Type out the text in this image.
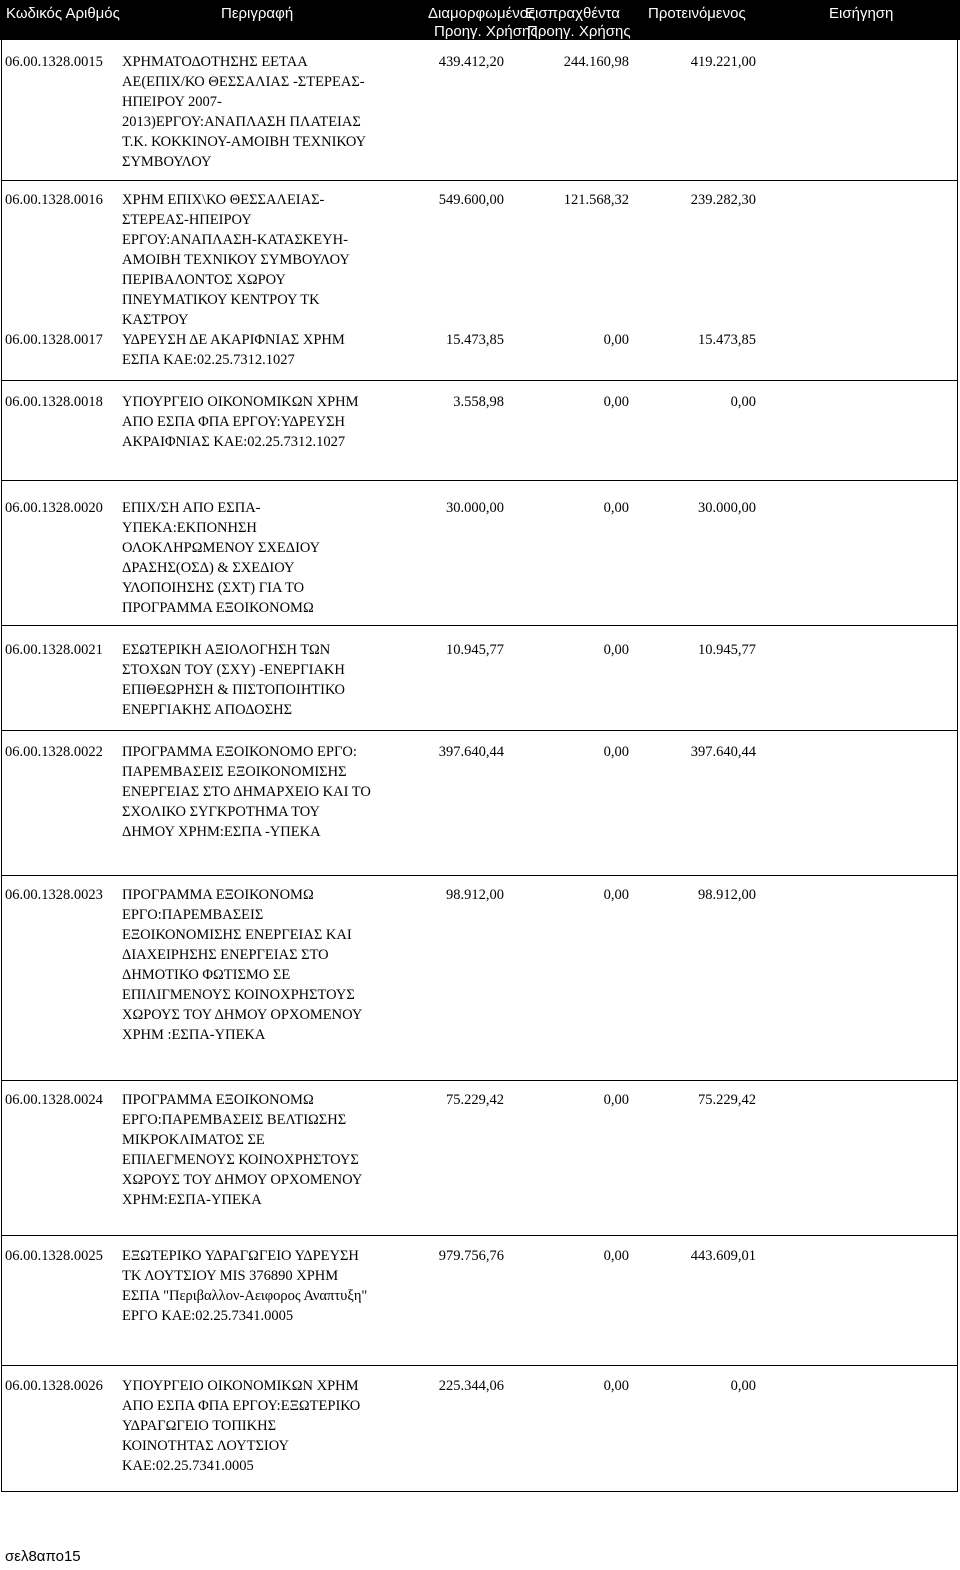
Κωδικός Αριθμός	Περιγραφή	Διαμορφωμένος
Προηγ. Χρήσης
Εισπραχθέντα
Προηγ. Χρήσης
Προτεινόμενος	Εισήγηση
06.00.1328.0015 ΧΡΗΜΑΤΟΔΟΤΗΣΗΣ ΕΕΤΑΑ
ΑΕ(ΕΠΙΧ/ΚΟ ΘΕΣΣΑΛΙΑΣ -ΣΤΕΡΕΑΣ-
ΗΠΕΙΡΟΥ 2007-
2013)ΕΡΓΟΥ:ΑΝΑΠΛΑΣΗ ΠΛΑΤΕΙΑΣ
Τ.Κ. ΚΟΚΚΙΝΟΥ-ΑΜΟΙΒΗ ΤΕΧΝΙΚΟΥ
ΣΥΜΒΟΥΛΟΥ
439.412,20	244.160,98	419.221,00
06.00.1328.0016 ΧΡΗΜ ΕΠΙΧ\ΚΟ ΘΕΣΣΑΛΕΙΑΣ-
ΣΤΕΡΕΑΣ-ΗΠΕΙΡΟΥ
ΕΡΓΟΥ:ΑΝΑΠΛΑΣΗ-ΚΑΤΑΣΚΕΥΗ-
ΑΜΟΙΒΗ ΤΕΧΝΙΚΟΥ ΣΥΜΒΟΥΛΟΥ
ΠΕΡΙΒΑΛΟΝΤΟΣ ΧΩΡΟΥ
ΠΝΕΥΜΑΤΙΚΟΥ ΚΕΝΤΡΟΥ ΤΚ
ΚΑΣΤΡΟΥ
549.600,00	121.568,32	239.282,30
06.00.1328.0017 ΥΔΡΕΥΣΗ ΔΕ ΑΚΑΡΙΦΝΙΑΣ ΧΡΗΜ
ΕΣΠΑ ΚΑΕ:02.25.7312.1027
15.473,85	0,00	15.473,85
06.00.1328.0018 ΥΠΟΥΡΓΕΙΟ ΟΙΚΟΝΟΜΙΚΩΝ ΧΡΗΜ
ΑΠΟ ΕΣΠΑ ΦΠΑ ΕΡΓΟΥ:ΥΔΡΕΥΣΗ
ΑΚΡΑΙΦΝΙΑΣ ΚΑΕ:02.25.7312.1027
3.558,98	0,00	0,00
06.00.1328.0020 ΕΠΙΧ/ΣΗ ΑΠΟ ΕΣΠΑ-
ΥΠΕΚΑ:ΕΚΠΟΝΗΣΗ
ΟΛΟΚΛΗΡΩΜΕΝΟΥ ΣΧΕΔΙΟΥ
ΔΡΑΣΗΣ(ΟΣΔ) & ΣΧΕΔΙΟΥ
ΥΛΟΠΟΙΗΣΗΣ (ΣΧΤ) ΓΙΑ ΤΟ
ΠΡΟΓΡΑΜΜΑ ΕΞΟΙΚΟΝΟΜΩ
30.000,00	0,00	30.000,00
06.00.1328.0021 ΕΣΩΤΕΡΙΚΗ ΑΞΙΟΛΟΓΗΣΗ ΤΩΝ
ΣΤΟΧΩΝ ΤΟΥ (ΣΧΥ) -ΕΝΕΡΓΙΑΚΗ
ΕΠΙΘΕΩΡΗΣΗ & ΠΙΣΤΟΠΟΙΗΤΙΚΟ
ΕΝΕΡΓΙΑΚΗΣ ΑΠΟΔΟΣΗΣ
10.945,77	0,00	10.945,77
06.00.1328.0022 ΠΡΟΓΡΑΜΜΑ ΕΞΟΙΚΟΝΟΜΟ ΕΡΓΟ:
ΠΑΡΕΜΒΑΣΕΙΣ ΕΞΟΙΚΟΝΟΜΙΣΗΣ
ΕΝΕΡΓΕΙΑΣ ΣΤΟ ΔΗΜΑΡΧΕΙΟ ΚΑΙ ΤΟ
ΣΧΟΛΙΚΟ ΣΥΓΚΡΟΤΗΜΑ ΤΟΥ
ΔΗΜΟΥ ΧΡΗΜ:ΕΣΠΑ -ΥΠΕΚΑ
397.640,44	0,00	397.640,44
06.00.1328.0023 ΠΡΟΓΡΑΜΜΑ ΕΞΟΙΚΟΝΟΜΩ
ΕΡΓΟ:ΠΑΡΕΜΒΑΣΕΙΣ
ΕΞΟΙΚΟΝΟΜΙΣΗΣ ΕΝΕΡΓΕΙΑΣ ΚΑΙ
ΔΙΑΧΕΙΡΗΣΗΣ ΕΝΕΡΓΕΙΑΣ ΣΤΟ
ΔΗΜΟΤΙΚΟ ΦΩΤΙΣΜΟ ΣΕ
ΕΠΙΛΙΓΜΕΝΟΥΣ ΚΟΙΝΟΧΡΗΣΤΟΥΣ
ΧΩΡΟΥΣ ΤΟΥ ΔΗΜΟΥ ΟΡΧΟΜΕΝΟΥ
ΧΡΗΜ :ΕΣΠΑ-ΥΠΕΚΑ
98.912,00	0,00	98.912,00
06.00.1328.0024 ΠΡΟΓΡΑΜΜΑ ΕΞΟΙΚΟΝΟΜΩ
ΕΡΓΟ:ΠΑΡΕΜΒΑΣΕΙΣ ΒΕΛΤΙΩΣΗΣ
ΜΙΚΡΟΚΛΙΜΑΤΟΣ ΣΕ
ΕΠΙΛΕΓΜΕΝΟΥΣ ΚΟΙΝΟΧΡΗΣΤΟΥΣ
ΧΩΡΟΥΣ ΤΟΥ ΔΗΜΟΥ ΟΡΧΟΜΕΝΟΥ
ΧΡΗΜ:ΕΣΠΑ-ΥΠΕΚΑ
75.229,42	0,00	75.229,42
06.00.1328.0025 ΕΞΩΤΕΡΙΚΟ ΥΔΡΑΓΩΓΕΙΟ ΥΔΡΕΥΣΗ
ΤΚ ΛΟΥΤΣΙΟΥ MIS 376890 ΧΡΗΜ
ΕΣΠΑ "Περιβαλλον-Αειφορος Αναπτυξη"
ΕΡΓΟ ΚΑΕ:02.25.7341.0005
979.756,76	0,00	443.609,01
06.00.1328.0026 ΥΠΟΥΡΓΕΙΟ ΟΙΚΟΝΟΜΙΚΩΝ ΧΡΗΜ
ΑΠΟ ΕΣΠΑ ΦΠΑ ΕΡΓΟΥ:ΕΞΩΤΕΡΙΚΟ
ΥΔΡΑΓΩΓΕΙΟ ΤΟΠΙΚΗΣ
ΚΟΙΝΟΤΗΤΑΣ ΛΟΥΤΣΙΟΥ
ΚΑΕ:02.25.7341.0005
225.344,06	0,00	0,00
σελ8απο15
